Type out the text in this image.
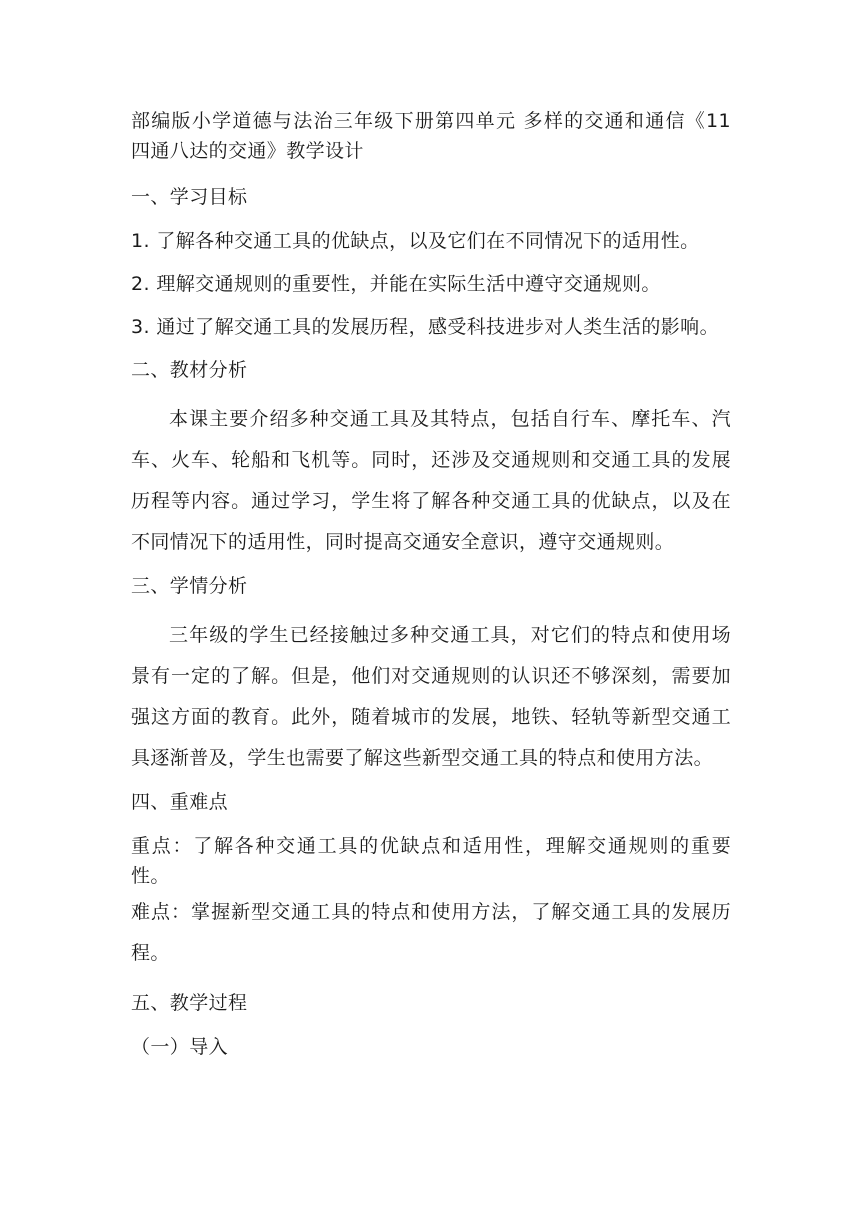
部编版小学道德与法治三年级下册第四单元 多样的交通和通信《11 四通八达的交通》教学设计

一、学习目标

1. 了解各种交通工具的优缺点，以及它们在不同情况下的适用性。

2. 理解交通规则的重要性，并能在实际生活中遵守交通规则。

3. 通过了解交通工具的发展历程，感受科技进步对人类生活的影响。

二、教材分析

本课主要介绍多种交通工具及其特点，包括自行车、摩托车、汽车、火车、轮船和飞机等。同时，还涉及交通规则和交通工具的发展历程等内容。通过学习，学生将了解各种交通工具的优缺点，以及在不同情况下的适用性，同时提高交通安全意识，遵守交通规则。

三、学情分析

三年级的学生已经接触过多种交通工具，对它们的特点和使用场景有一定的了解。但是，他们对交通规则的认识还不够深刻，需要加强这方面的教育。此外，随着城市的发展，地铁、轻轨等新型交通工具逐渐普及，学生也需要了解这些新型交通工具的特点和使用方法。

四、重难点

重点：了解各种交通工具的优缺点和适用性，理解交通规则的重要性。

难点：掌握新型交通工具的特点和使用方法，了解交通工具的发展历程。

五、教学过程

（一）导入
